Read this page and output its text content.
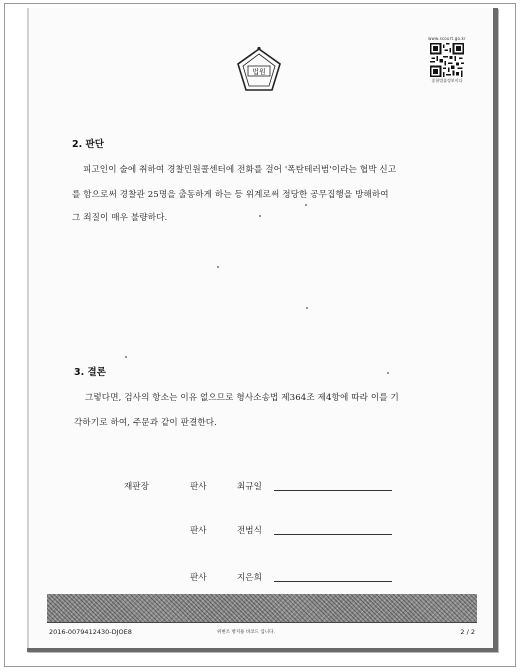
법원
www.scourt.go.kr
종합법률정보이다
2. 판단
피고인이 술에 취하여 경찰민원콜센터에 전화를 걸어 '폭탄테러범'이라는 협박 신고
를 함으로써 경찰관 25명을 출동하게 하는 등 위계로써 정당한 공무집행을 방해하여
그 죄질이 매우 불량하다.
3. 결론
그렇다면, 검사의 항소는 이유 없으므로 형사소송법 제364조 제4항에 따라 이를 기
각하기로 하여, 주문과 같이 판결한다.
재판장	판사	최규일
판사	전범식
판사	지은희
2016-0079412430-DJOE8	위변조 방지용 바코드 입니다.	2 / 2
